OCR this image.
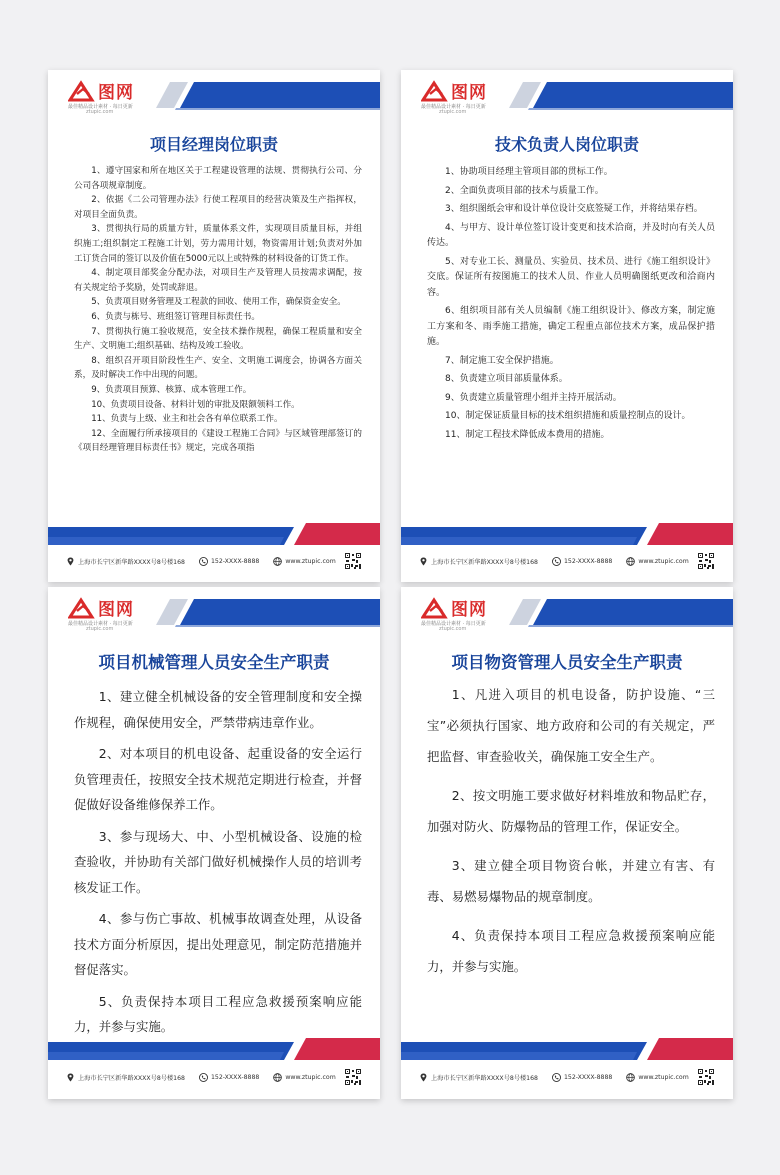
图网
最佳精品设计素材 · 每日更新
ztupic.com
项目经理岗位职责

1、遵守国家和所在地区关于工程建设管理的法规、贯彻执行公司、分公司各项规章制度。

2、依据《二公司管理办法》行使工程项目的经营决策及生产指挥权，对项目全面负责。

3、贯彻执行局的质量方针，质量体系文件，实现项目质量目标，并组织施工;组织制定工程施工计划，劳力需用计划，物资需用计划;负责对外加工订货合同的签订以及价值在5000元以上或特殊的材料设备的订货工作。

4、制定项目部奖金分配办法，对项目生产及管理人员按需求调配，按有关规定给予奖励，处罚或辞退。

5、负责项目财务管理及工程款的回收、使用工作，确保资金安全。

6、负责与栋号、班组签订管理目标责任书。

7、贯彻执行施工验收规范，安全技术操作规程，确保工程质量和安全生产、文明施工;组织基础、结构及竣工验收。

8、组织召开项目阶段性生产、安全、文明施工调度会，协调各方面关系，及时解决工作中出现的问题。

9、负责项目预算、核算、成本管理工作。

10、负责项目设备、材料计划的审批及限额领料工作。

11、负责与上级、业主和社会各有单位联系工作。

12、全面履行所承接项目的《建设工程施工合同》与区域管理部签订的《项目经理管理目标责任书》规定，完成各项指

上海市长宁区新华路XXXX号8号楼168	152-XXXX-8888	www.ztupic.com
图网
最佳精品设计素材 · 每日更新
ztupic.com
技术负责人岗位职责

1、协助项目经理主管项目部的贯标工作。

2、全面负责项目部的技术与质量工作。

3、组织图纸会审和设计单位设计交底签疑工作，并将结果存档。

4、与甲方、设计单位签订设计变更和技术洽商，并及时向有关人员传达。

5、对专业工长、测量员、实验员、技术员、进行《施工组织设计》交底。保证所有按图施工的技术人员、作业人员明确图纸更改和洽商内容。

6、组织项目部有关人员编制《施工组织设计》、修改方案，制定施工方案和冬、雨季施工措施，确定工程重点部位技术方案，成品保护措施。

7、制定施工安全保护措施。

8、负责建立项目部质量体系。

9、负责建立质量管理小组并主持开展活动。

10、制定保证质量目标的技术组织措施和质量控制点的设计。

11、制定工程技术降低成本费用的措施。

上海市长宁区新华路XXXX号8号楼168	152-XXXX-8888	www.ztupic.com
图网
最佳精品设计素材 · 每日更新
ztupic.com
项目机械管理人员安全生产职责

1、建立健全机械设备的安全管理制度和安全操作规程，确保使用安全，严禁带病违章作业。

2、对本项目的机电设备、起重设备的安全运行负管理责任，按照安全技术规范定期进行检查，并督促做好设备维修保养工作。

3、参与现场大、中、小型机械设备、设施的检查验收，并协助有关部门做好机械操作人员的培训考核发证工作。

4、参与伤亡事故、机械事故调查处理，从设备技术方面分析原因，提出处理意见，制定防范措施并督促落实。

5、负责保持本项目工程应急救援预案响应能力，并参与实施。

上海市长宁区新华路XXXX号8号楼168	152-XXXX-8888	www.ztupic.com
图网
最佳精品设计素材 · 每日更新
ztupic.com
项目物资管理人员安全生产职责

1、凡进入项目的机电设备，防护设施、“三宝”必须执行国家、地方政府和公司的有关规定，严把监督、审查验收关，确保施工安全生产。

2、按文明施工要求做好材料堆放和物品贮存，加强对防火、防爆物品的管理工作，保证安全。

3、建立健全项目物资台帐，并建立有害、有毒、易燃易爆物品的规章制度。

4、负责保持本项目工程应急救援预案响应能力，并参与实施。

上海市长宁区新华路XXXX号8号楼168	152-XXXX-8888	www.ztupic.com
